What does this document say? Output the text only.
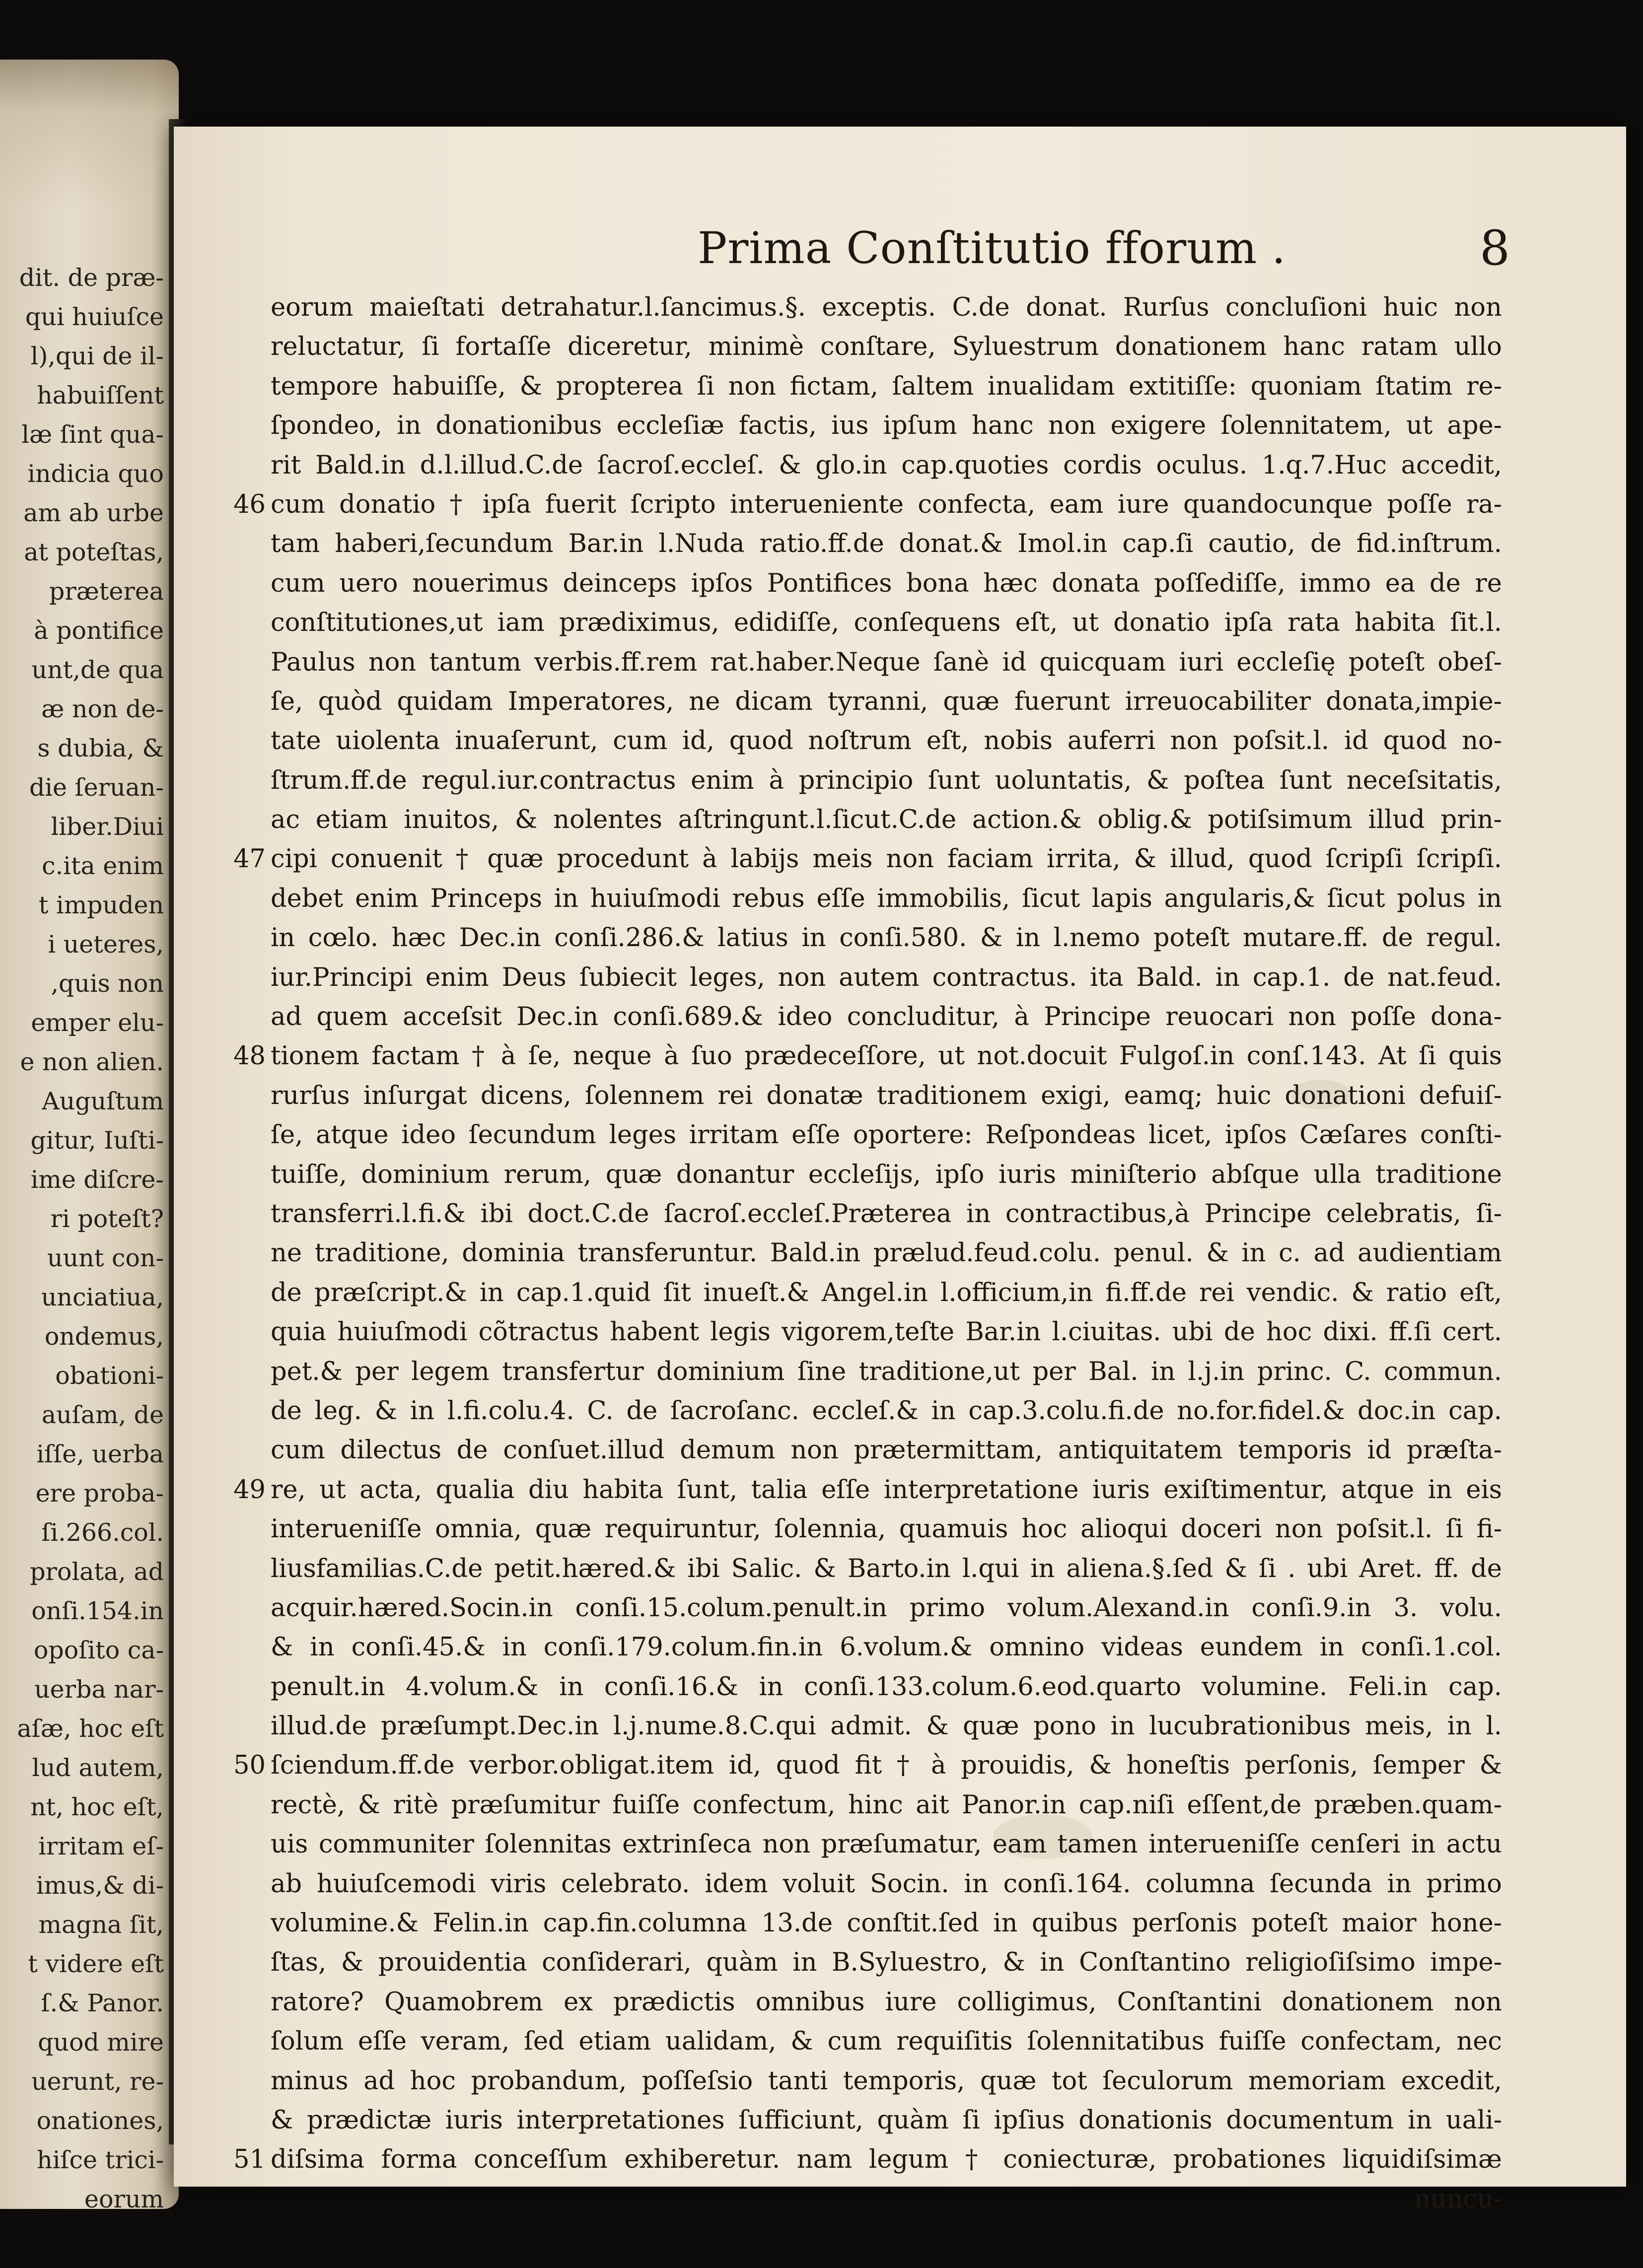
dit. de præ-
qui huiuſce
l),qui de il-
habuiſſent
læ ſint qua-
indicia quo
am ab urbe
at poteſtas,
præterea
à pontifice
unt,de qua
æ non de-
s dubia, &
die ſeruan-
liber.Diui
c.ita enim
t impuden
i ueteres,
,quis non
emper elu-
e non alien.
Auguſtum
gitur, Iuſti-
ime diſcre-
ri poteſt?
uunt con-
unciatiua,
ondemus,
obationi-
auſam, de
iſſe, uerba
ere proba-
ſi.266.col.
prolata, ad
onſi.154.in
opoſito ca-
uerba nar-
aſæ, hoc eſt
lud autem,
nt, hoc eſt,
irritam eſ-
imus,& di-
magna ſit,
t videre eſt
ſ.& Panor.
quod mire
uerunt, re-
onationes,
hiſce trici-
eorum
Prima Conſtitutio fforum .	8
eorum maieſtati detrahatur.l.ſancimus.§. exceptis. C.de donat. Rurſus concluſioni huic non
reluctatur, ſi fortaſſe diceretur, minimè conſtare, Syluestrum donationem hanc ratam ullo
tempore habuiſſe, & propterea ſi non fictam, ſaltem inualidam extitiſſe: quoniam ſtatim re-
ſpondeo, in donationibus eccleſiæ factis, ius ipſum hanc non exigere ſolennitatem, ut ape-
rit Bald.in d.l.illud.C.de ſacroſ.eccleſ. & glo.in cap.quoties cordis oculus. 1.q.7.Huc accedit,
46 cum donatio † ipſa fuerit ſcripto interueniente confecta, eam iure quandocunque poſſe ra-
tam haberi,ſecundum Bar.in l.Nuda ratio.ff.de donat.& Imol.in cap.ſi cautio, de fid.inſtrum.
cum uero nouerimus deinceps ipſos Pontifices bona hæc donata poſſediſſe, immo ea de re
conſtitutiones,ut iam prædiximus, edidiſſe, conſequens eſt, ut donatio ipſa rata habita ſit.l.
Paulus non tantum verbis.ff.rem rat.haber.Neque ſanè id quicquam iuri eccleſię poteſt obeſ-
ſe, quòd quidam Imperatores, ne dicam tyranni, quæ fuerunt irreuocabiliter donata,impie-
tate uiolenta inuaſerunt, cum id, quod noſtrum eſt, nobis auferri non poſsit.l. id quod no-
ſtrum.ff.de regul.iur.contractus enim à principio ſunt uoluntatis, & poſtea ſunt neceſsitatis,
ac etiam inuitos, & nolentes aſtringunt.l.ſicut.C.de action.& oblig.& potiſsimum illud prin-
47 cipi conuenit † quæ procedunt à labijs meis non faciam irrita, & illud, quod ſcripſi ſcripſi.
debet enim Princeps in huiuſmodi rebus eſſe immobilis, ſicut lapis angularis,& ſicut polus in
in cœlo. hæc Dec.in conſi.286.& latius in conſi.580. & in l.nemo poteſt mutare.ff. de regul.
iur.Principi enim Deus ſubiecit leges, non autem contractus. ita Bald. in cap.1. de nat.feud.
ad quem acceſsit Dec.in conſi.689.& ideo concluditur, à Principe reuocari non poſſe dona-
48 tionem factam † à ſe, neque à ſuo prædeceſſore, ut not.docuit Fulgoſ.in conſ.143. At ſi quis
rurſus inſurgat dicens, ſolennem rei donatæ traditionem exigi, eamq; huic donationi defuiſ-
ſe, atque ideo ſecundum leges irritam eſſe oportere: Reſpondeas licet, ipſos Cæſares conſti-
tuiſſe, dominium rerum, quæ donantur eccleſijs, ipſo iuris miniſterio abſque ulla traditione
transferri.l.fi.& ibi doct.C.de ſacroſ.eccleſ.Præterea in contractibus,à Principe celebratis, ſi-
ne traditione, dominia transferuntur. Bald.in prælud.feud.colu. penul. & in c. ad audientiam
de præſcript.& in cap.1.quid ſit inueſt.& Angel.in l.officium,in fi.ff.de rei vendic. & ratio eſt,
quia huiuſmodi cõtractus habent legis vigorem,teſte Bar.in l.ciuitas. ubi de hoc dixi. ff.ſi cert.
pet.& per legem transfertur dominium ſine traditione,ut per Bal. in l.j.in princ. C. commun.
de leg. & in l.fi.colu.4. C. de ſacroſanc. eccleſ.& in cap.3.colu.fi.de no.for.fidel.& doc.in cap.
cum dilectus de conſuet.illud demum non prætermittam, antiquitatem temporis id præſta-
49 re, ut acta, qualia diu habita ſunt, talia eſſe interpretatione iuris exiſtimentur, atque in eis
interueniſſe omnia, quæ requiruntur, ſolennia, quamuis hoc alioqui doceri non poſsit.l. ſi fi-
liusfamilias.C.de petit.hæred.& ibi Salic. & Barto.in l.qui in aliena.§.ſed & ſi . ubi Aret. ff. de
acquir.hæred.Socin.in conſi.15.colum.penult.in primo volum.Alexand.in conſi.9.in 3. volu.
& in conſi.45.& in conſi.179.colum.fin.in 6.volum.& omnino videas eundem in conſi.1.col.
penult.in 4.volum.& in conſi.16.& in conſi.133.colum.6.eod.quarto volumine. Feli.in cap.
illud.de præſumpt.Dec.in l.j.nume.8.C.qui admit. & quæ pono in lucubrationibus meis, in l.
50 ſciendum.ff.de verbor.obligat.item id, quod fit † à prouidis, & honeſtis perſonis, ſemper &
rectè, & ritè præſumitur fuiſſe confectum, hinc ait Panor.in cap.niſi eſſent,de præben.quam-
uis communiter ſolennitas extrinſeca non præſumatur, eam tamen interueniſſe cenſeri in actu
ab huiuſcemodi viris celebrato. idem voluit Socin. in conſi.164. columna ſecunda in primo
volumine.& Felin.in cap.fin.columna 13.de conſtit.ſed in quibus perſonis poteſt maior hone-
ſtas, & prouidentia conſiderari, quàm in B.Syluestro, & in Conſtantino religioſiſsimo impe-
ratore? Quamobrem ex prædictis omnibus iure colligimus, Conſtantini donationem non
ſolum eſſe veram, ſed etiam ualidam, & cum requiſitis ſolennitatibus fuiſſe confectam, nec
minus ad hoc probandum, poſſeſsio tanti temporis, quæ tot ſeculorum memoriam excedit,
& prædictæ iuris interpretationes ſufficiunt, quàm ſi ipſius donationis documentum in uali-
51 diſsima forma conceſſum exhiberetur. nam legum † coniecturæ, probationes liquidiſsimæ
nuncu-
